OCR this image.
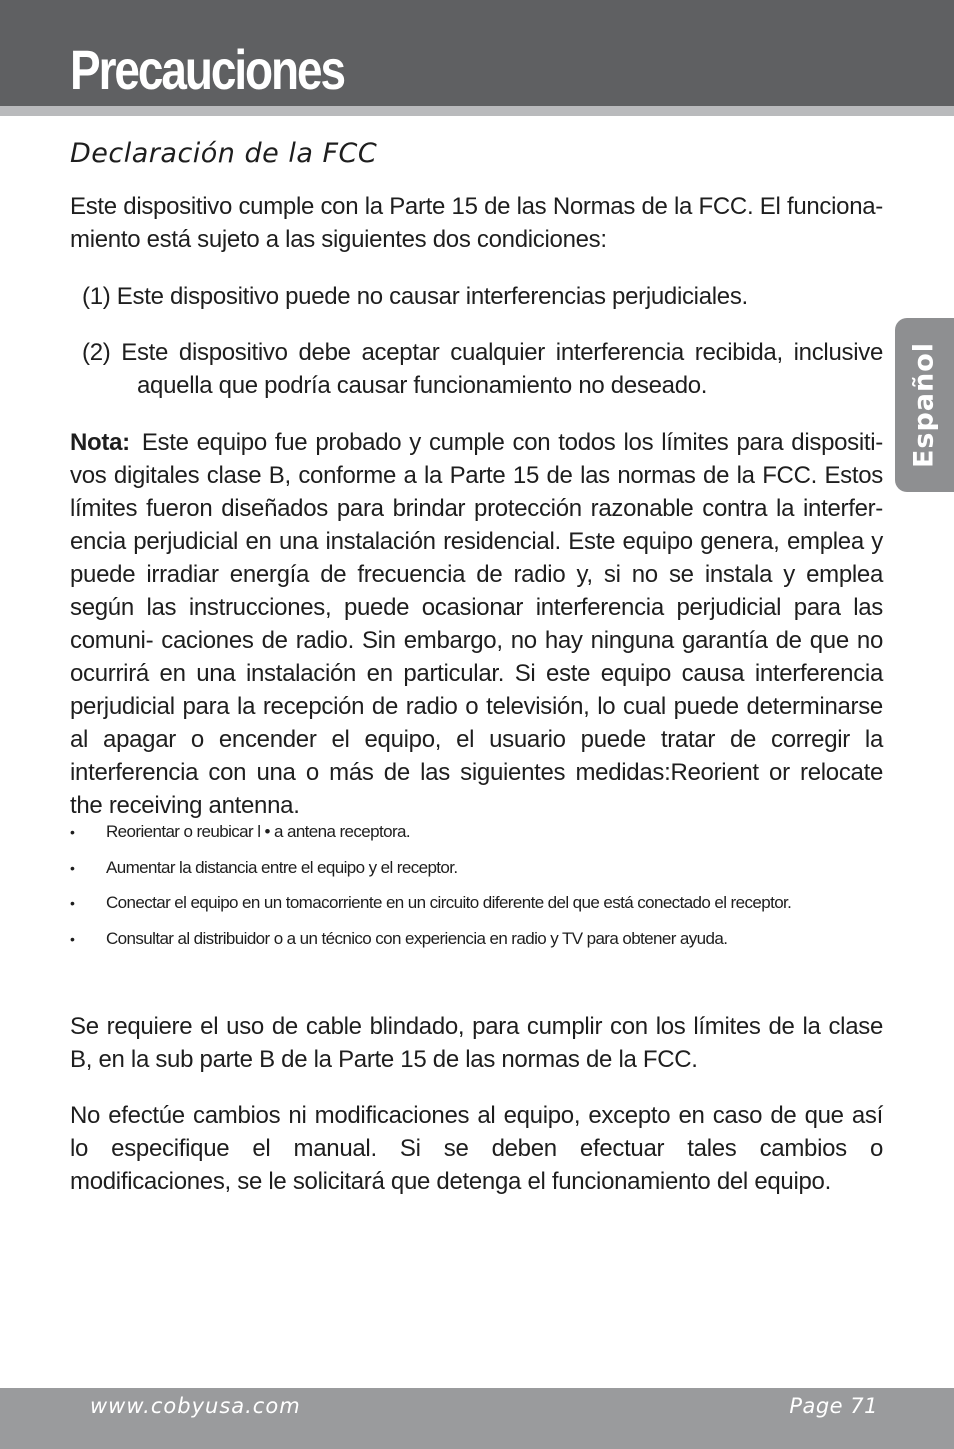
Precauciones
Español
Declaración de la FCC

Este dispositivo cumple con la Parte 15 de las Normas de la FCC. El funciona- miento está sujeto a las siguientes dos condiciones:

(1) Este dispositivo puede no causar interferencias perjudiciales.

(2) Este dispositivo debe aceptar cualquier interferencia recibida, inclusive aquella que podría causar funcionamiento no deseado.

Nota: Este equipo fue probado y cumple con todos los límites para dispositi- vos digitales clase B, conforme a la Parte 15 de las normas de la FCC. Estos límites fueron diseñados para brindar protección razonable contra la interfer- encia perjudicial en una instalación residencial. Este equipo genera, emplea y puede irradiar energía de frecuencia de radio y, si no se instala y emplea según las instrucciones, puede ocasionar interferencia perjudicial para las comuni- caciones de radio. Sin embargo, no hay ninguna garantía de que no ocurrirá en una instalación en particular. Si este equipo causa interferencia perjudicial para la recepción de radio o televisión, lo cual puede determinarse al apagar o encender el equipo, el usuario puede tratar de corregir la interferencia con una o más de las siguientes medidas:Reorient or relocate the receiving antenna.

• Reorientar o reubicar l • a antena receptora.
• Aumentar la distancia entre el equipo y el receptor.
• Conectar el equipo en un tomacorriente en un circuito diferente del que está conectado el receptor.
• Consultar al distribuidor o a un técnico con experiencia en radio y TV para obtener ayuda.

Se requiere el uso de cable blindado, para cumplir con los límites de la clase B, en la sub parte B de la Parte 15 de las normas de la FCC.

No efectúe cambios ni modificaciones al equipo, excepto en caso de que así lo especifique el manual. Si se deben efectuar tales cambios o modificaciones, se le solicitará que detenga el funcionamiento del equipo.

www.cobyusa.com	Page 71
